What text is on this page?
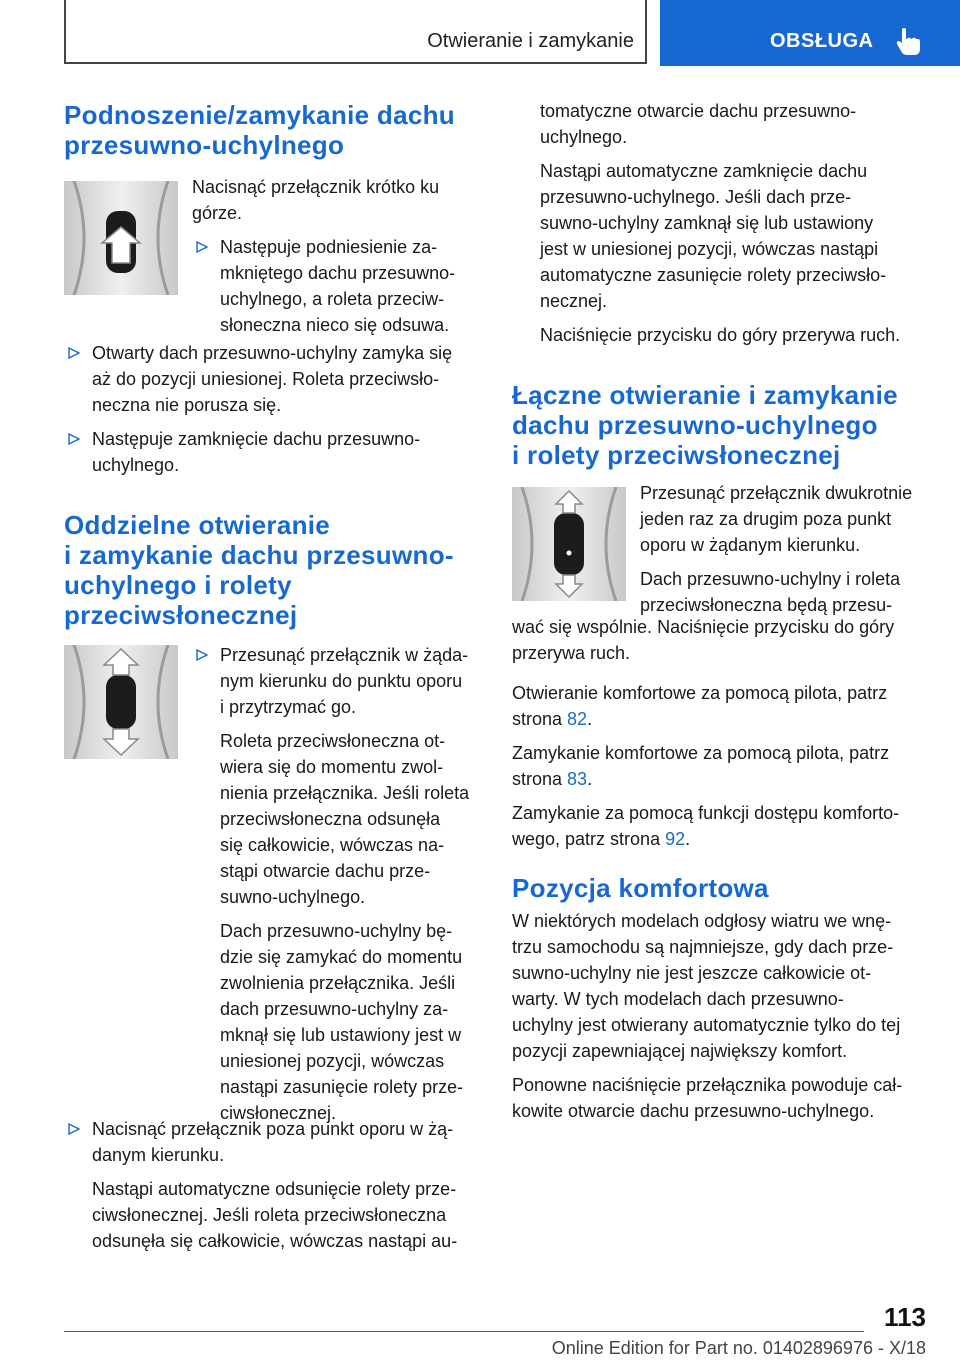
Otwieranie i zamykanie	OBSŁUGA
Podnoszenie/zamykanie dachu
przesuwno-uchylnego

Nacisnąć przełącznik krótko ku
górze.

Następuje podniesienie za-
mkniętego dachu przesuwno-
uchylnego, a roleta przeciw-
słoneczna nieco się odsuwa.

Otwarty dach przesuwno-uchylny zamyka się
aż do pozycji uniesionej. Roleta przeciwsło-
neczna nie porusza się.

Następuje zamknięcie dachu przesuwno-
uchylnego.

Oddzielne otwieranie
i zamykanie dachu przesuwno-
uchylnego i rolety
przeciwsłonecznej

Przesunąć przełącznik w żąda-
nym kierunku do punktu oporu
i przytrzymać go.

Roleta przeciwsłoneczna ot-
wiera się do momentu zwol-
nienia przełącznika. Jeśli roleta
przeciwsłoneczna odsunęła
się całkowicie, wówczas na-
stąpi otwarcie dachu prze-
suwno-uchylnego.

Dach przesuwno-uchylny bę-
dzie się zamykać do momentu
zwolnienia przełącznika. Jeśli
dach przesuwno-uchylny za-
mknął się lub ustawiony jest w
uniesionej pozycji, wówczas
nastąpi zasunięcie rolety prze-
ciwsłonecznej.

Nacisnąć przełącznik poza punkt oporu w żą-
danym kierunku.

Nastąpi automatyczne odsunięcie rolety prze-
ciwsłonecznej. Jeśli roleta przeciwsłoneczna
odsunęła się całkowicie, wówczas nastąpi au-

tomatyczne otwarcie dachu przesuwno-
uchylnego.

Nastąpi automatyczne zamknięcie dachu
przesuwno-uchylnego. Jeśli dach prze-
suwno-uchylny zamknął się lub ustawiony
jest w uniesionej pozycji, wówczas nastąpi
automatyczne zasunięcie rolety przeciwsło-
necznej.

Naciśnięcie przycisku do góry przerywa ruch.

Łączne otwieranie i zamykanie
dachu przesuwno-uchylnego
i rolety przeciwsłonecznej

Przesunąć przełącznik dwukrotnie
jeden raz za drugim poza punkt
oporu w żądanym kierunku.

Dach przesuwno-uchylny i roleta
przeciwsłoneczna będą przesu-

wać się wspólnie. Naciśnięcie przycisku do góry
przerywa ruch.

Otwieranie komfortowe za pomocą pilota, patrz
strona 82.

Zamykanie komfortowe za pomocą pilota, patrz
strona 83.

Zamykanie za pomocą funkcji dostępu komforto-
wego, patrz strona 92.

Pozycja komfortowa

W niektórych modelach odgłosy wiatru we wnę-
trzu samochodu są najmniejsze, gdy dach prze-
suwno-uchylny nie jest jeszcze całkowicie ot-
warty. W tych modelach dach przesuwno-
uchylny jest otwierany automatycznie tylko do tej
pozycji zapewniającej największy komfort.

Ponowne naciśnięcie przełącznika powoduje cał-
kowite otwarcie dachu przesuwno-uchylnego.

113
Online Edition for Part no. 01402896976 - X/18
